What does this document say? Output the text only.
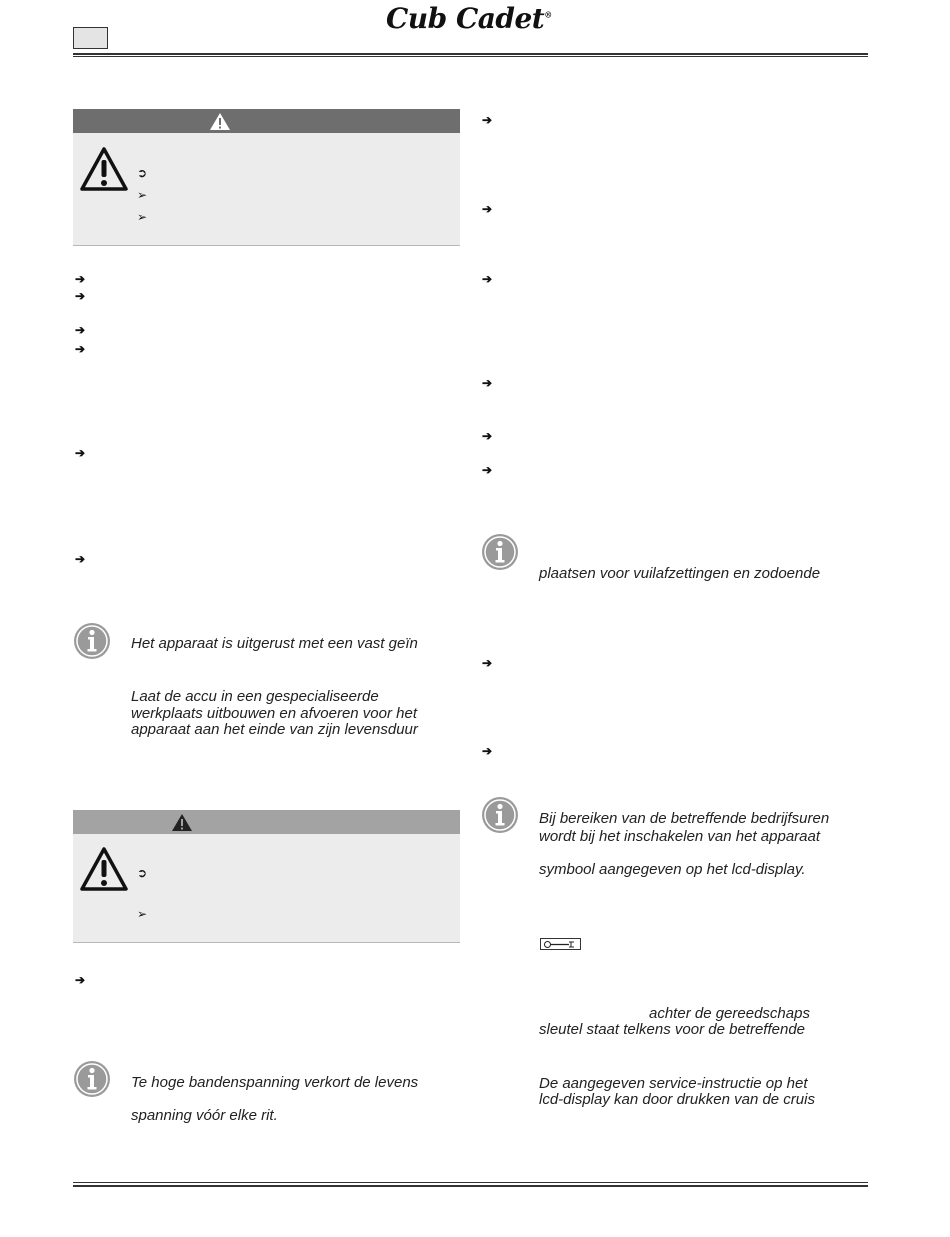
Cub Cadet®
➲
➢
➢
➔
➔
➔
➔
➔
➔
Het apparaat is uitgerust met een vast geïn
Laat de accu in een gespecialiseerde
werkplaats uitbouwen en afvoeren voor het
apparaat aan het einde van zijn levensduur
➲
➢
➔
Te hoge bandenspanning verkort de levens
spanning vóór elke rit.
➔
➔
➔
➔
➔
➔
plaatsen voor vuilafzettingen en zodoende
➔
➔
Bij bereiken van de betreffende bedrijfsuren
wordt bij het inschakelen van het apparaat
symbool aangegeven op het lcd-display.
achter de gereedschaps
sleutel staat telkens voor de betreffende
De aangegeven service-instructie op het
lcd-display kan door drukken van de cruis
